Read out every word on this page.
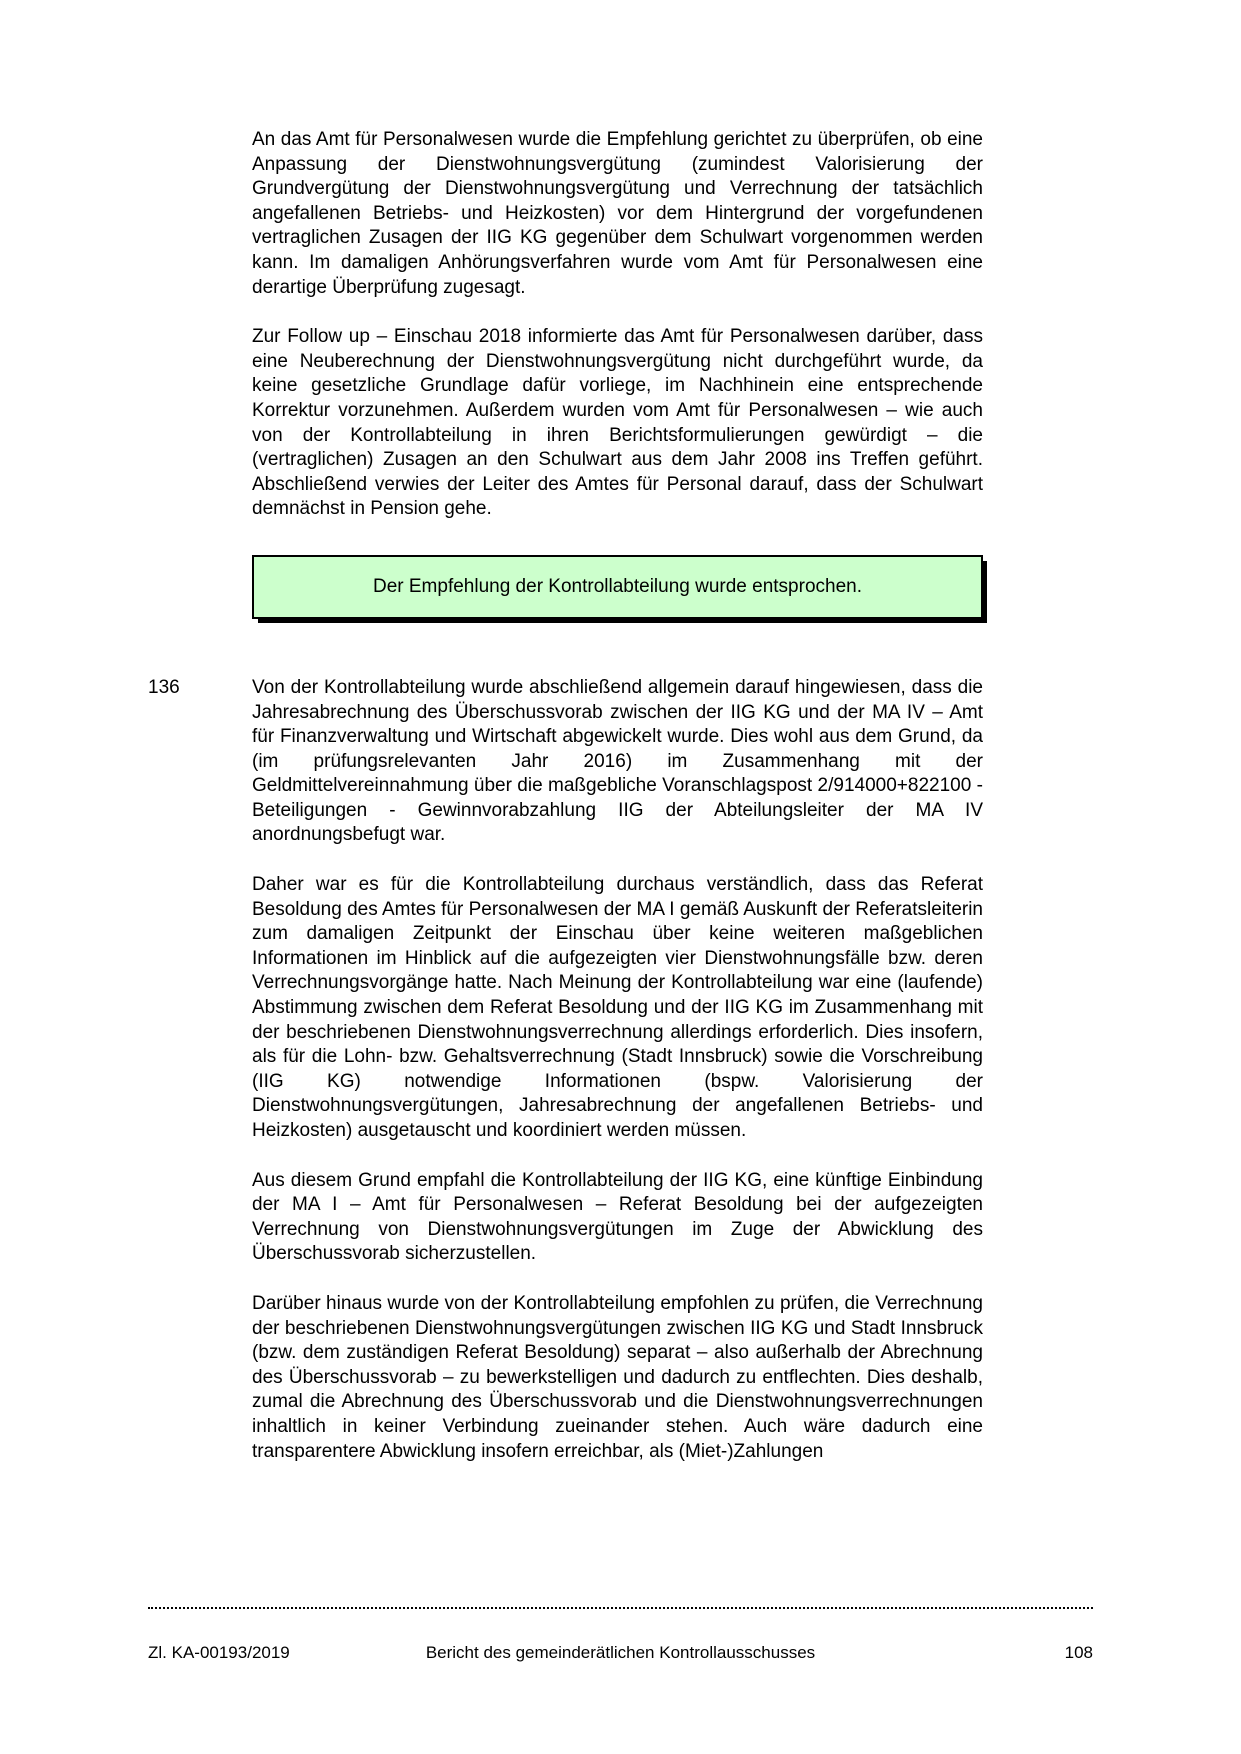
An das Amt für Personalwesen wurde die Empfehlung gerichtet zu überprüfen, ob eine Anpassung der Dienstwohnungsvergütung (zumindest Valorisierung der Grundvergütung der Dienstwohnungsvergütung und Verrechnung der tatsächlich angefallenen Betriebs- und Heizkosten) vor dem Hintergrund der vorgefundenen vertraglichen Zusagen der IIG KG gegenüber dem Schulwart vorgenommen werden kann. Im damaligen Anhörungsverfahren wurde vom Amt für Personalwesen eine derartige Überprüfung zugesagt.

Zur Follow up – Einschau 2018 informierte das Amt für Personalwesen darüber, dass eine Neuberechnung der Dienstwohnungsvergütung nicht durchgeführt wurde, da keine gesetzliche Grundlage dafür vorliege, im Nachhinein eine entsprechende Korrektur vorzunehmen. Außerdem wurden vom Amt für Personalwesen – wie auch von der Kontrollabteilung in ihren Berichtsformulierungen gewürdigt – die (vertraglichen) Zusagen an den Schulwart aus dem Jahr 2008 ins Treffen geführt. Abschließend verwies der Leiter des Amtes für Personal darauf, dass der Schulwart demnächst in Pension gehe.

Der Empfehlung der Kontrollabteilung wurde entsprochen.
136	Von der Kontrollabteilung wurde abschließend allgemein darauf hingewiesen, dass die Jahresabrechnung des Überschussvorab zwischen der IIG KG und der MA IV – Amt für Finanzverwaltung und Wirtschaft abgewickelt wurde. Dies wohl aus dem Grund, da (im prüfungsrelevanten Jahr 2016) im Zusammenhang mit der Geldmittelvereinnahmung über die maßgebliche Voranschlagspost 2/914000+822100 - Beteiligungen - Gewinnvorabzahlung IIG der Abteilungsleiter der MA IV anordnungsbefugt war.

Daher war es für die Kontrollabteilung durchaus verständlich, dass das Referat Besoldung des Amtes für Personalwesen der MA I gemäß Auskunft der Referatsleiterin zum damaligen Zeitpunkt der Einschau über keine weiteren maßgeblichen Informationen im Hinblick auf die aufgezeigten vier Dienstwohnungsfälle bzw. deren Verrechnungsvorgänge hatte. Nach Meinung der Kontrollabteilung war eine (laufende) Abstimmung zwischen dem Referat Besoldung und der IIG KG im Zusammenhang mit der beschriebenen Dienstwohnungsverrechnung allerdings erforderlich. Dies insofern, als für die Lohn- bzw. Gehaltsverrechnung (Stadt Innsbruck) sowie die Vorschreibung (IIG KG) notwendige Informationen (bspw. Valorisierung der Dienstwohnungsvergütungen, Jahresabrechnung der angefallenen Betriebs- und Heizkosten) ausgetauscht und koordiniert werden müssen.

Aus diesem Grund empfahl die Kontrollabteilung der IIG KG, eine künftige Einbindung der MA I – Amt für Personalwesen – Referat Besoldung bei der aufgezeigten Verrechnung von Dienstwohnungsvergütungen im Zuge der Abwicklung des Überschussvorab sicherzustellen.

Darüber hinaus wurde von der Kontrollabteilung empfohlen zu prüfen, die Verrechnung der beschriebenen Dienstwohnungsvergütungen zwischen IIG KG und Stadt Innsbruck (bzw. dem zuständigen Referat Besoldung) separat – also außerhalb der Abrechnung des Überschussvorab – zu bewerkstelligen und dadurch zu entflechten. Dies deshalb, zumal die Abrechnung des Überschussvorab und die Dienstwohnungsverrechnungen inhaltlich in keiner Verbindung zueinander stehen. Auch wäre dadurch eine transparentere Abwicklung insofern erreichbar, als (Miet-)Zahlungen

Zl. KA-00193/2019	Bericht des gemeinderätlichen Kontrollausschusses	108
